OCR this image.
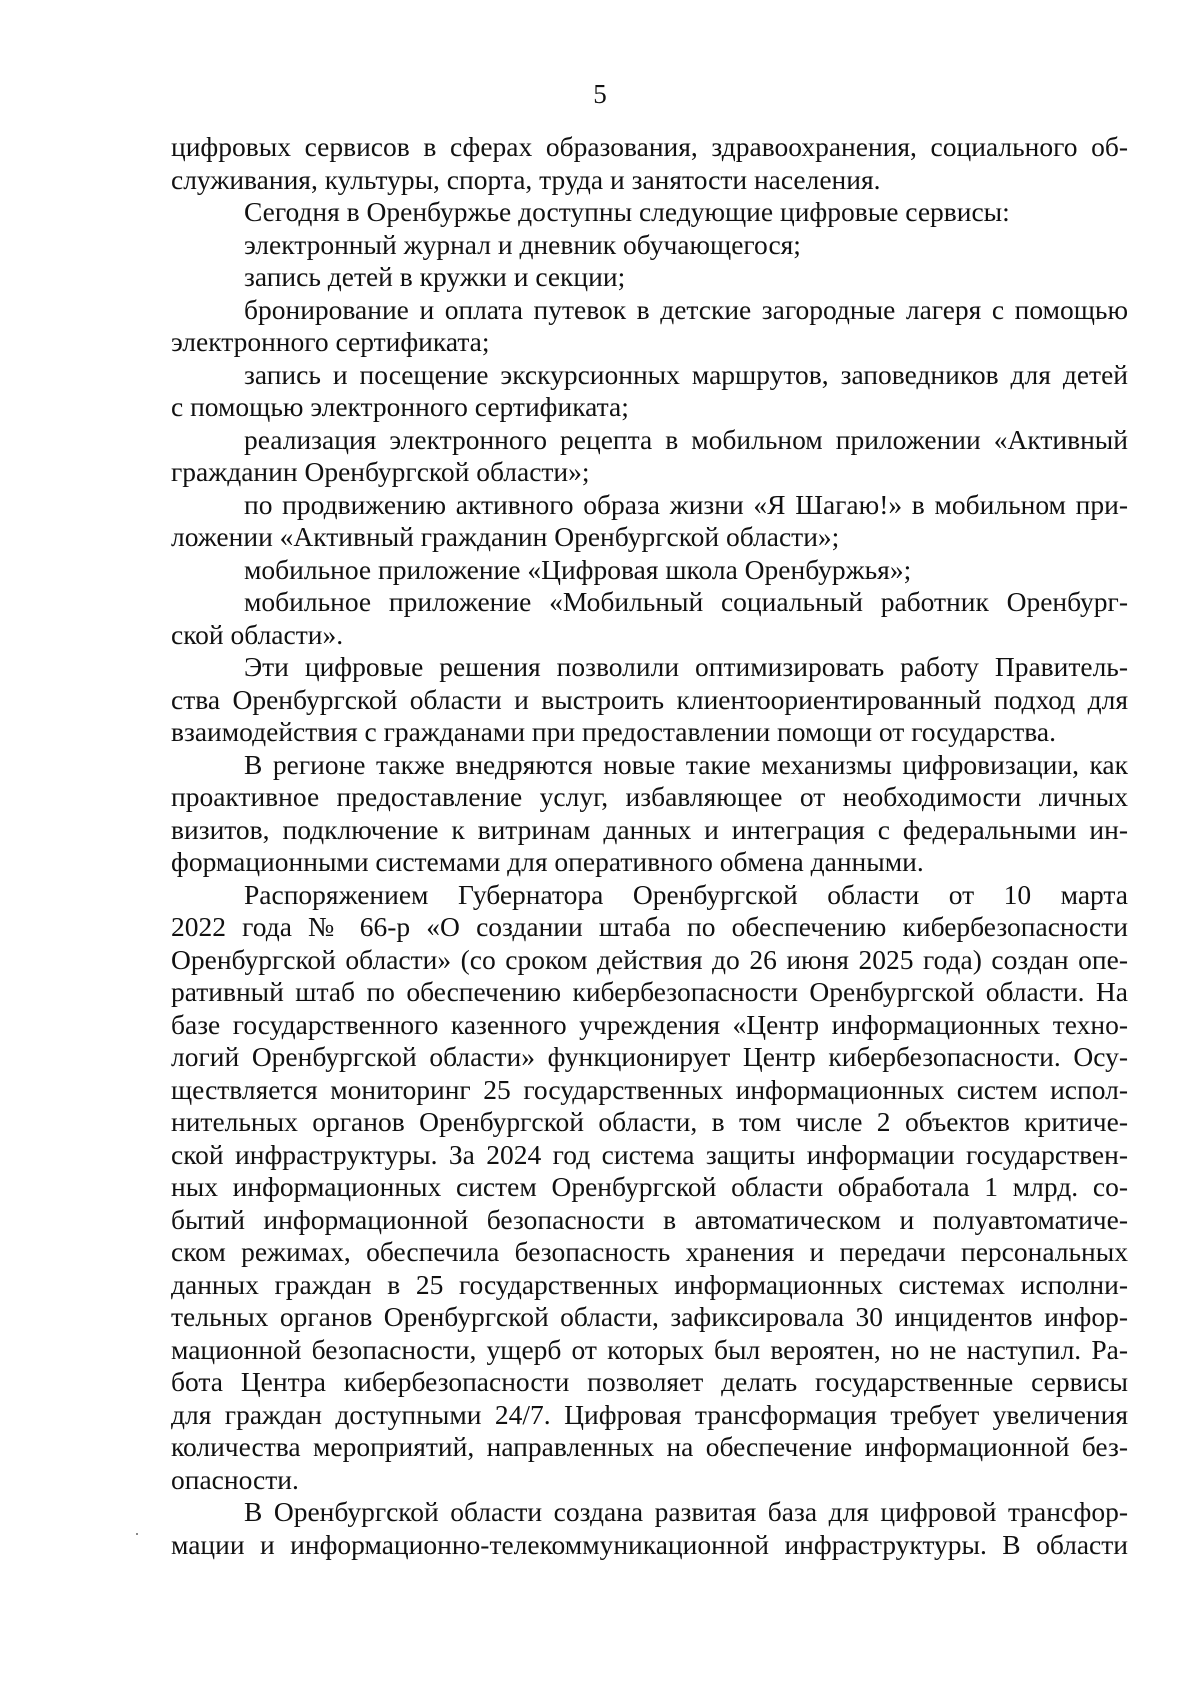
5
цифровых сервисов в сферах образования, здравоохранения, социального об-
служивания, культуры, спорта, труда и занятости населения.
Сегодня в Оренбуржье доступны следующие цифровые сервисы:
электронный журнал и дневник обучающегося;
запись детей в кружки и секции;
бронирование и оплата путевок в детские загородные лагеря с помощью
электронного сертификата;
запись и посещение экскурсионных маршрутов, заповедников для детей
с помощью электронного сертификата;
реализация электронного рецепта в мобильном приложении «Активный
гражданин Оренбургской области»;
по продвижению активного образа жизни «Я Шагаю!» в мобильном при-
ложении «Активный гражданин Оренбургской области»;
мобильное приложение «Цифровая школа Оренбуржья»;
мобильное приложение «Мобильный социальный работник Оренбург-
ской области».
Эти цифровые решения позволили оптимизировать работу Правитель-
ства Оренбургской области и выстроить клиентоориентированный подход для
взаимодействия с гражданами при предоставлении помощи от государства.
В регионе также внедряются новые такие механизмы цифровизации, как
проактивное предоставление услуг, избавляющее от необходимости личных
визитов, подключение к витринам данных и интеграция с федеральными ин-
формационными системами для оперативного обмена данными.
Распоряжением Губернатора Оренбургской области от 10 марта
2022 года № 66-р «О создании штаба по обеспечению кибербезопасности
Оренбургской области» (со сроком действия до 26 июня 2025 года) создан опе-
ративный штаб по обеспечению кибербезопасности Оренбургской области. На
базе государственного казенного учреждения «Центр информационных техно-
логий Оренбургской области» функционирует Центр кибербезопасности. Осу-
ществляется мониторинг 25 государственных информационных систем испол-
нительных органов Оренбургской области, в том числе 2 объектов критиче-
ской инфраструктуры. За 2024 год система защиты информации государствен-
ных информационных систем Оренбургской области обработала 1 млрд. со-
бытий информационной безопасности в автоматическом и полуавтоматиче-
ском режимах, обеспечила безопасность хранения и передачи персональных
данных граждан в 25 государственных информационных системах исполни-
тельных органов Оренбургской области, зафиксировала 30 инцидентов инфор-
мационной безопасности, ущерб от которых был вероятен, но не наступил. Ра-
бота Центра кибербезопасности позволяет делать государственные сервисы
для граждан доступными 24/7. Цифровая трансформация требует увеличения
количества мероприятий, направленных на обеспечение информационной без-
опасности.
В Оренбургской области создана развитая база для цифровой трансфор-
мации и информационно-телекоммуникационной инфраструктуры. В области
